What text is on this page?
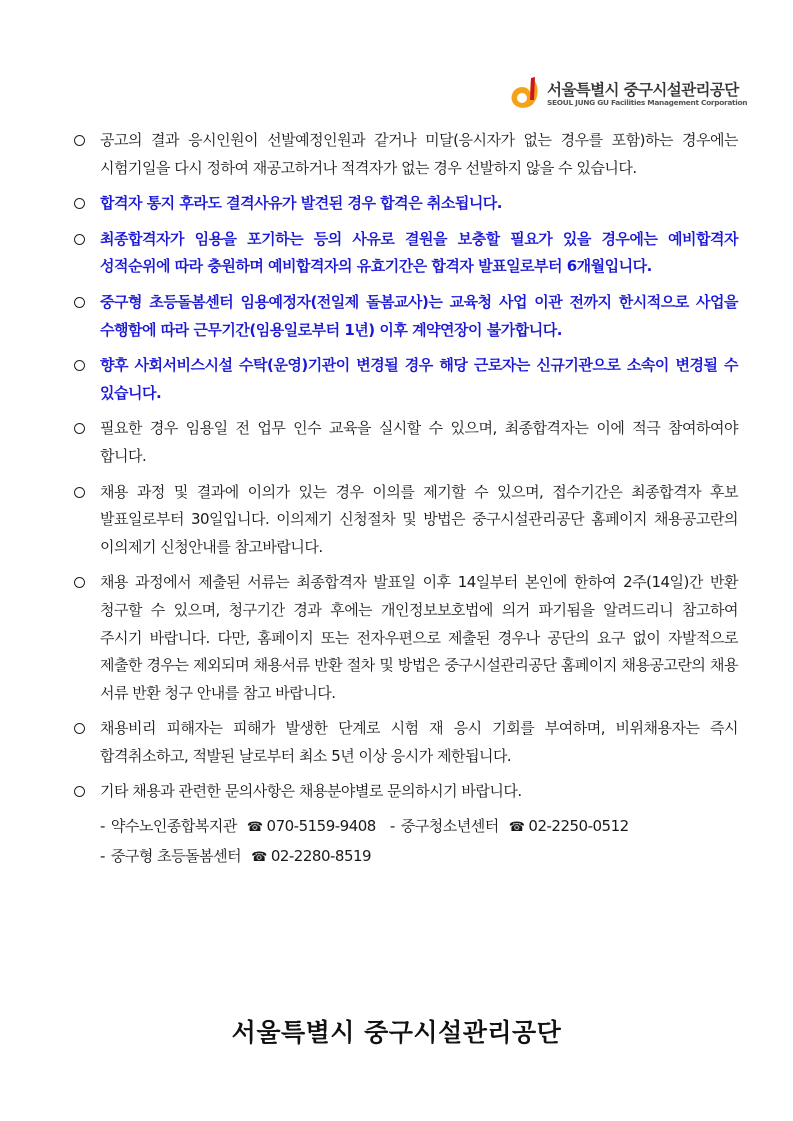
서울특별시 중구시설관리공단
SEOUL JUNG GU Facilities Management Corporation
공고의 결과 응시인원이 선발예정인원과 같거나 미달(응시자가 없는 경우를 포함)하는 경우에는 시험기일을 다시 정하여 재공고하거나 적격자가 없는 경우 선발하지 않을 수 있습니다.
합격자 통지 후라도 결격사유가 발견된 경우 합격은 취소됩니다.
최종합격자가 임용을 포기하는 등의 사유로 결원을 보충할 필요가 있을 경우에는 예비합격자 성적순위에 따라 충원하며 예비합격자의 유효기간은 합격자 발표일로부터 6개월입니다.
중구형 초등돌봄센터 임용예정자(전일제 돌봄교사)는 교육청 사업 이관 전까지 한시적으로 사업을 수행함에 따라 근무기간(임용일로부터 1년) 이후 계약연장이 불가합니다.
향후 사회서비스시설 수탁(운영)기관이 변경될 경우 해당 근로자는 신규기관으로 소속이 변경될 수 있습니다.
필요한 경우 임용일 전 업무 인수 교육을 실시할 수 있으며, 최종합격자는 이에 적극 참여하여야 합니다.
채용 과정 및 결과에 이의가 있는 경우 이의를 제기할 수 있으며, 접수기간은 최종합격자 후보 발표일로부터 30일입니다. 이의제기 신청절차 및 방법은 중구시설관리공단 홈페이지 채용공고란의 이의제기 신청안내를 참고바랍니다.
채용 과정에서 제출된 서류는 최종합격자 발표일 이후 14일부터 본인에 한하여 2주(14일)간 반환 청구할 수 있으며, 청구기간 경과 후에는 개인정보보호법에 의거 파기됨을 알려드리니 참고하여 주시기 바랍니다. 다만, 홈페이지 또는 전자우편으로 제출된 경우나 공단의 요구 없이 자발적으로 제출한 경우는 제외되며 채용서류 반환 절차 및 방법은 중구시설관리공단 홈페이지 채용공고란의 채용 서류 반환 청구 안내를 참고 바랍니다.
채용비리 피해자는 피해가 발생한 단계로 시험 재 응시 기회를 부여하며, 비위채용자는 즉시 합격취소하고, 적발된 날로부터 최소 5년 이상 응시가 제한됩니다.
기타 채용과 관련한 문의사항은 채용분야별로 문의하시기 바랍니다.
- 약수노인종합복지관 ☎ 070-5159-9408 - 중구청소년센터 ☎ 02-2250-0512
- 중구형 초등돌봄센터 ☎ 02-2280-8519
서울특별시 중구시설관리공단
